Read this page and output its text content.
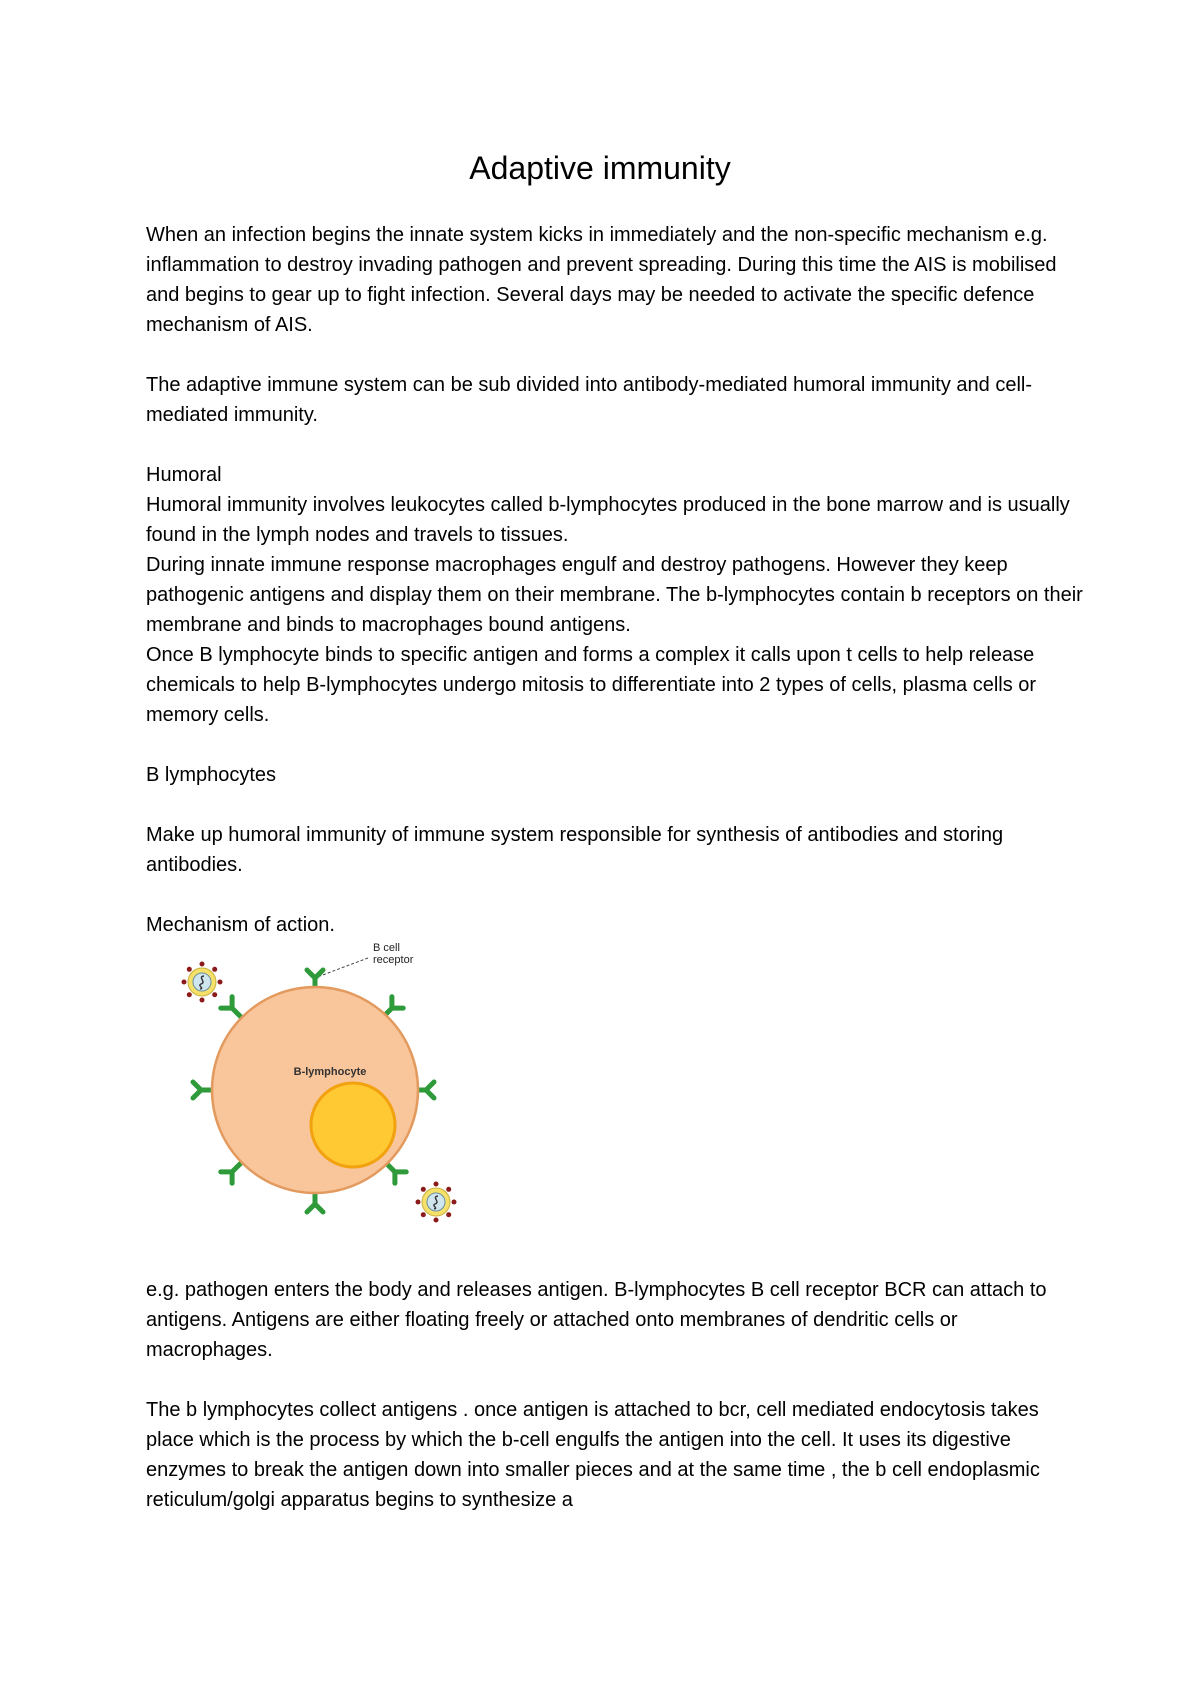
Adaptive immunity

When an infection begins the innate system kicks in immediately and the non-specific mechanism e.g. inflammation to destroy invading pathogen and prevent spreading. During this time the AIS is mobilised and begins to gear up to fight infection. Several days may be needed to activate the specific defence mechanism of AIS.

The adaptive immune system can be sub divided into antibody-mediated humoral immunity and cell-mediated immunity.

Humoral

Humoral immunity involves leukocytes called b-lymphocytes produced in the bone marrow and is usually found in the lymph nodes and travels to tissues.

During innate immune response macrophages engulf and destroy pathogens. However they keep pathogenic antigens and display them on their membrane. The b-lymphocytes contain b receptors on their membrane and binds to macrophages bound antigens.

Once B lymphocyte binds to specific antigen and forms a complex it calls upon t cells to help release chemicals to help B-lymphocytes undergo mitosis to differentiate into 2 types of cells, plasma cells or memory cells.

B lymphocytes

Make up humoral immunity of immune system responsible for synthesis of antibodies and storing antibodies.

Mechanism of action.

B cell receptor
B-lymphocyte

e.g. pathogen enters the body and releases antigen. B-lymphocytes B cell receptor BCR can attach to antigens. Antigens are either floating freely or attached onto membranes of dendritic cells or macrophages.

The b lymphocytes collect antigens . once antigen is attached to bcr, cell mediated endocytosis takes place which is the process by which the b-cell engulfs the antigen into the cell. It uses its digestive enzymes to break the antigen down into smaller pieces and at the same time , the b cell endoplasmic reticulum/golgi apparatus begins to synthesize a
